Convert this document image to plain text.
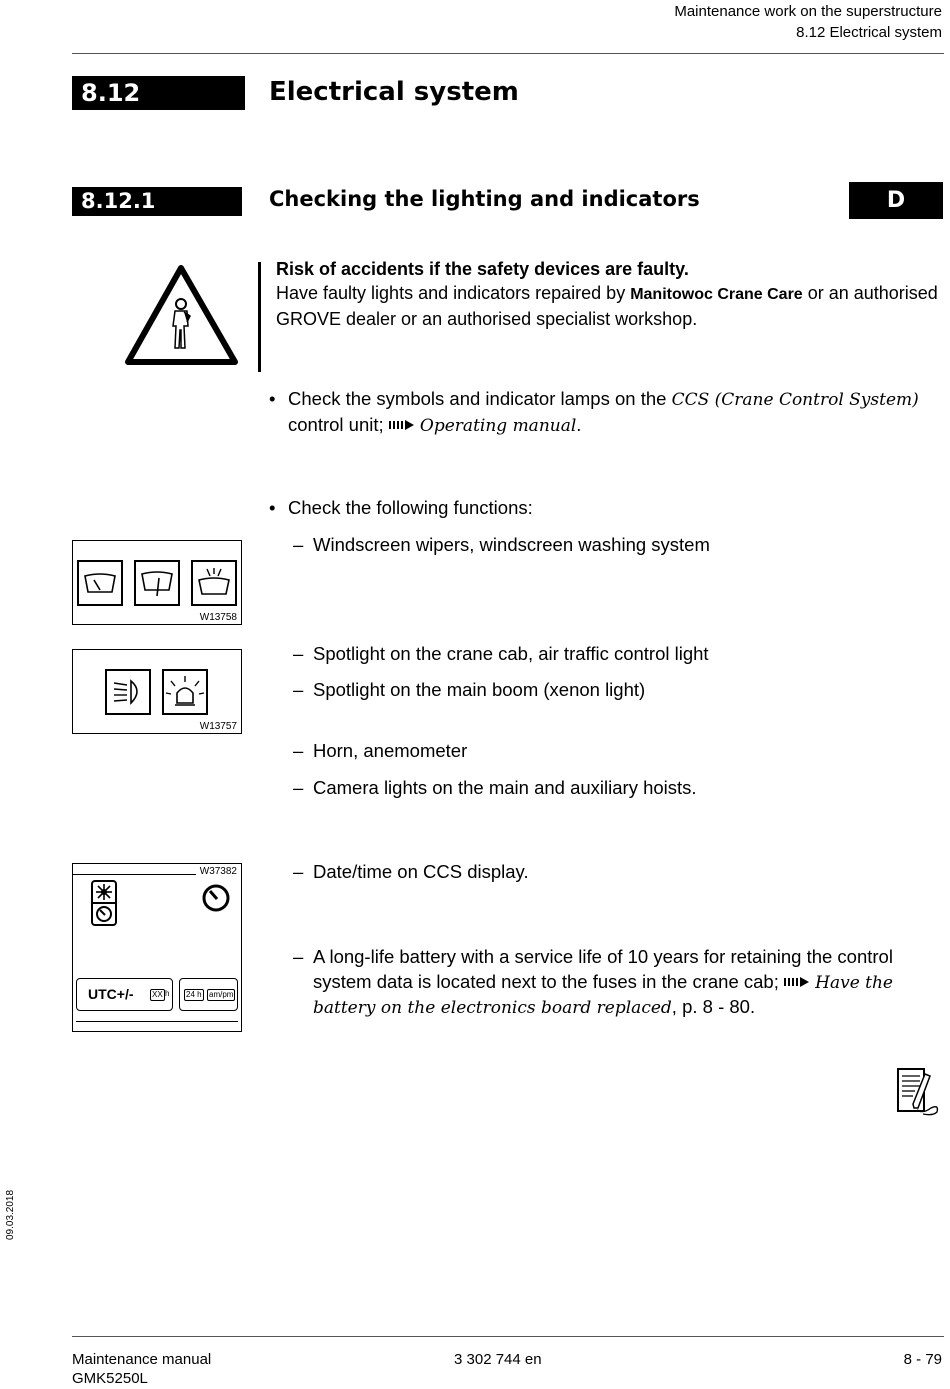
Maintenance work on the superstructure
8.12 Electrical system
8.12	Electrical system
8.12.1	Checking the lighting and indicators	D
Risk of accidents if the safety devices are faulty.
Have faulty lights and indicators repaired by Manitowoc Crane Care or an authorised GROVE dealer or an authorised specialist workshop.
• Check the symbols and indicator lamps on the CCS (Crane Control System) control unit;  Operating manual.
• Check the following functions:
– Windscreen wipers, windscreen washing system
– Spotlight on the crane cab, air traffic control light
– Spotlight on the main boom (xenon light)
– Horn, anemometer
– Camera lights on the main and auxiliary hoists.
– Date/time on CCS display.
– A long-life battery with a service life of 10 years for retaining the control system data is located next to the fuses in the crane cab;  Have the battery on the electronics board replaced, p. 8 - 80.
W13758
W13757
W37382
UTC+/- XX h 24 h am/pm
09.03.2018
Maintenance manual
GMK5250L
3 302 744 en	8 - 79
